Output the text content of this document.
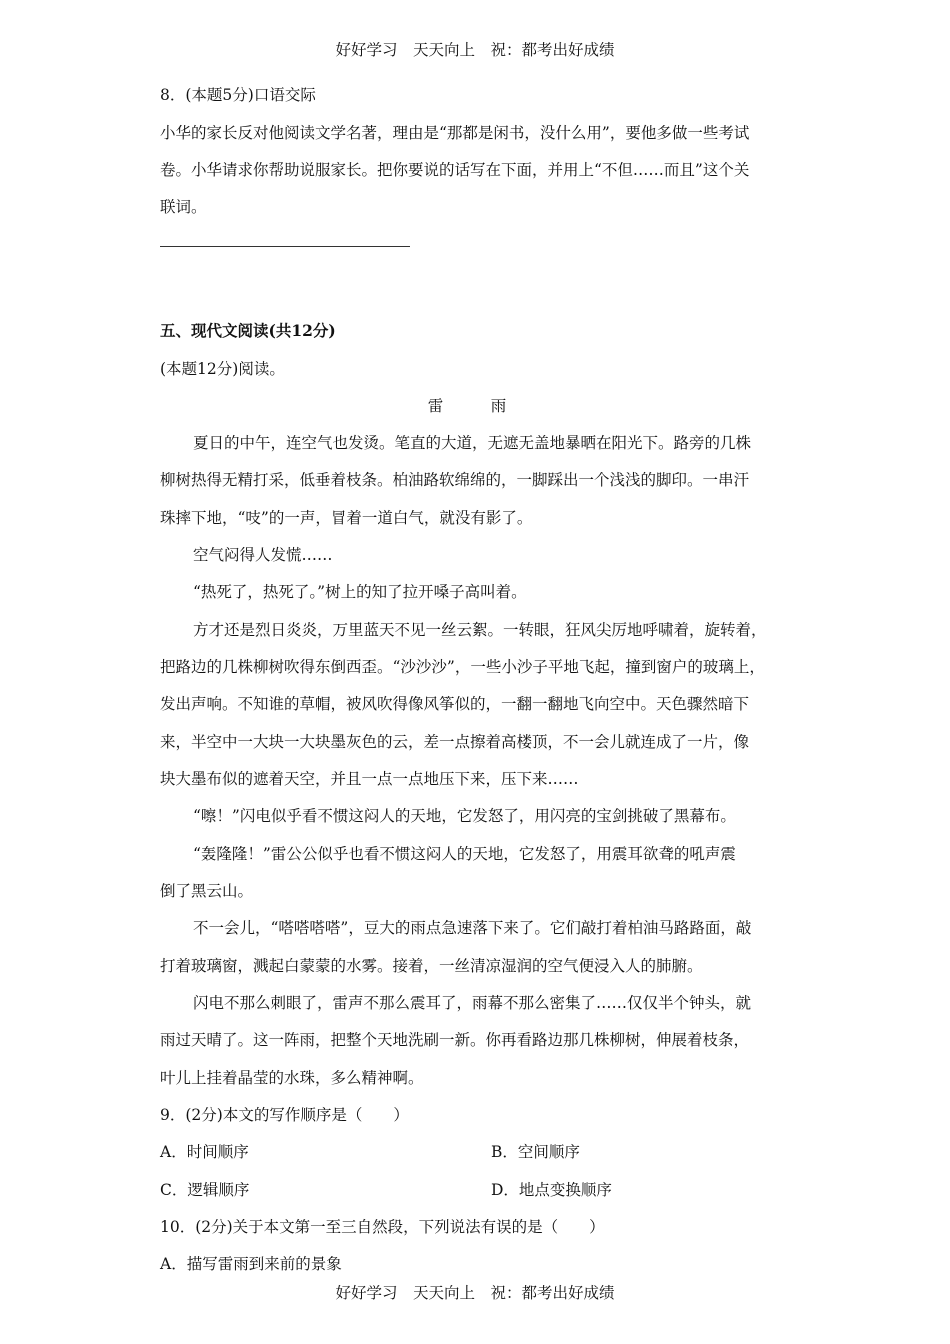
好好学习　天天向上　祝：都考出好成绩
8．(本题5分)口语交际
小华的家长反对他阅读文学名著，理由是“那都是闲书，没什么用”，要他多做一些考试
卷。小华请求你帮助说服家长。把你要说的话写在下面，并用上“不但……而且”这个关
联词。
五、现代文阅读(共12分)
(本题12分)阅读。
雷　雨
夏日的中午，连空气也发烫。笔直的大道，无遮无盖地暴晒在阳光下。路旁的几株
柳树热得无精打采，低垂着枝条。柏油路软绵绵的，一脚踩出一个浅浅的脚印。一串汗
珠摔下地，“吱”的一声，冒着一道白气，就没有影了。
空气闷得人发慌……
“热死了，热死了。”树上的知了拉开嗓子高叫着。
方才还是烈日炎炎，万里蓝天不见一丝云絮。一转眼，狂风尖厉地呼啸着，旋转着，
把路边的几株柳树吹得东倒西歪。“沙沙沙”，一些小沙子平地飞起，撞到窗户的玻璃上，
发出声响。不知谁的草帽，被风吹得像风筝似的，一翻一翻地飞向空中。天色骤然暗下
来，半空中一大块一大块墨灰色的云，差一点擦着高楼顶，不一会儿就连成了一片，像
块大墨布似的遮着天空，并且一点一点地压下来，压下来……
“嚓！”闪电似乎看不惯这闷人的天地，它发怒了，用闪亮的宝剑挑破了黑幕布。
“轰隆隆！”雷公公似乎也看不惯这闷人的天地，它发怒了，用震耳欲聋的吼声震
倒了黑云山。
不一会儿，“嗒嗒嗒嗒”，豆大的雨点急速落下来了。它们敲打着柏油马路路面，敲
打着玻璃窗，溅起白蒙蒙的水雾。接着，一丝清凉湿润的空气便浸入人的肺腑。
闪电不那么刺眼了，雷声不那么震耳了，雨幕不那么密集了……仅仅半个钟头，就
雨过天晴了。这一阵雨，把整个天地洗刷一新。你再看路边那几株柳树，伸展着枝条，
叶儿上挂着晶莹的水珠，多么精神啊。
9．(2分)本文的写作顺序是（　　）
A．时间顺序	B．空间顺序
C．逻辑顺序	D．地点变换顺序
10．(2分)关于本文第一至三自然段，下列说法有误的是（　　）
A．描写雷雨到来前的景象
好好学习　天天向上　祝：都考出好成绩
